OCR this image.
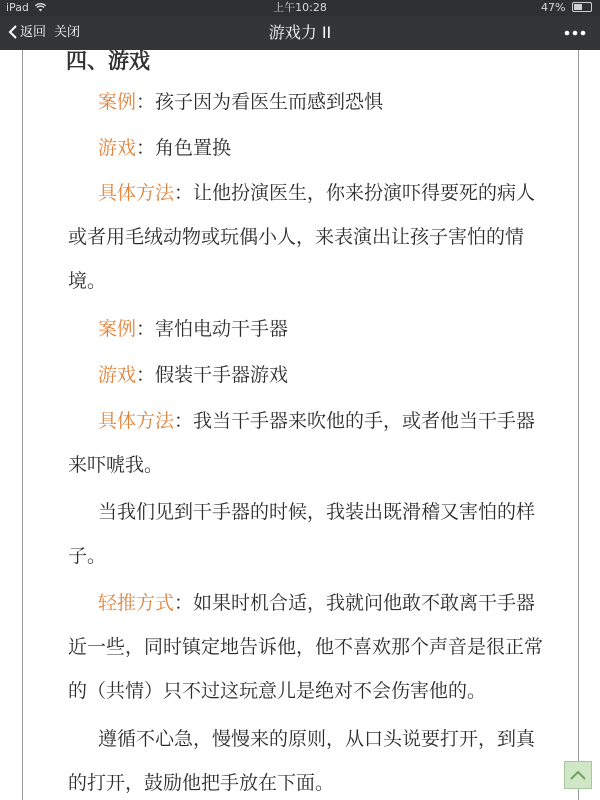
iPad	上午10:28	47%
返回 关闭	游戏力 II
四、游戏

案例：孩子因为看医生而感到恐惧

游戏：角色置换

具体方法：让他扮演医生，你来扮演吓得要死的病人或者用毛绒动物或玩偶小人，来表演出让孩子害怕的情境。

案例：害怕电动干手器

游戏：假装干手器游戏

具体方法：我当干手器来吹他的手，或者他当干手器来吓唬我。

当我们见到干手器的时候，我装出既滑稽又害怕的样子。

轻推方式：如果时机合适，我就问他敢不敢离干手器近一些，同时镇定地告诉他，他不喜欢那个声音是很正常的（共情）只不过这玩意儿是绝对不会伤害他的。

遵循不心急，慢慢来的原则，从口头说要打开，到真的打开，鼓励他把手放在下面。
